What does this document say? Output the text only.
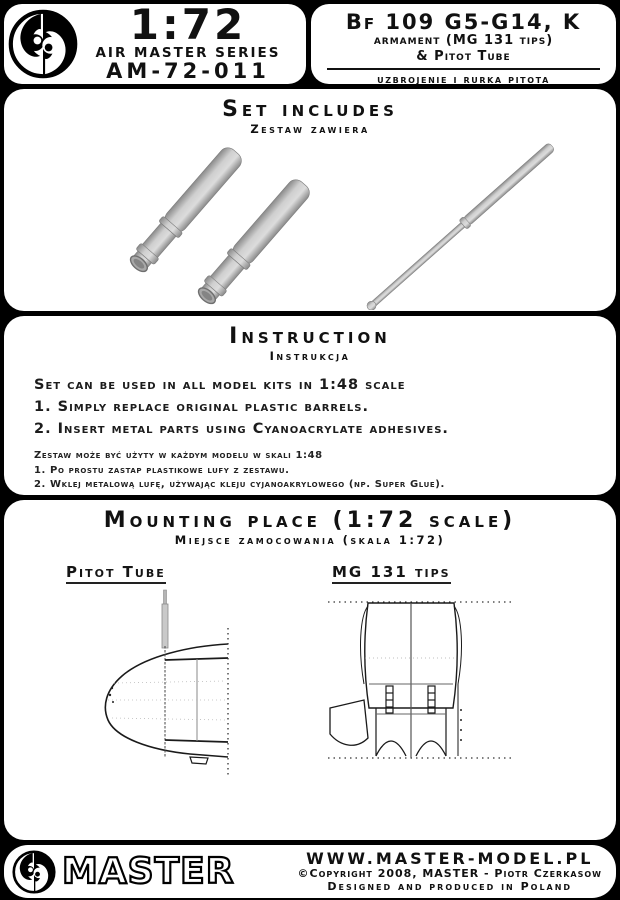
1:72
AIR MASTER SERIES
AM-72-011
Bf 109 G5-G14, K
armament (MG 131 tips)
& Pitot Tube
uzbrojenie i rurka pitota
Set includes
Zestaw zawiera
Instruction
Instrukcja
Set can be used in all model kits in 1:48 scale
1. Simply replace original plastic barrels.
2. Insert metal parts using Cyanoacrylate adhesives.
Zestaw może być użyty w każdym modelu w skali 1:48
1. Po prostu zastap plastikowe lufy z zestawu.
2. Wklej metalową lufę, używając kleju cyjanoakrylowego (np. Super Glue).
Mounting place (1:72 scale)
Miejsce zamocowania (skala 1:72)
Pitot Tube	MG 131 tips
MASTER	WWW.MASTER-MODEL.PL
©Copyright 2008, MASTER - Piotr Czerkasow
Designed and produced in Poland
